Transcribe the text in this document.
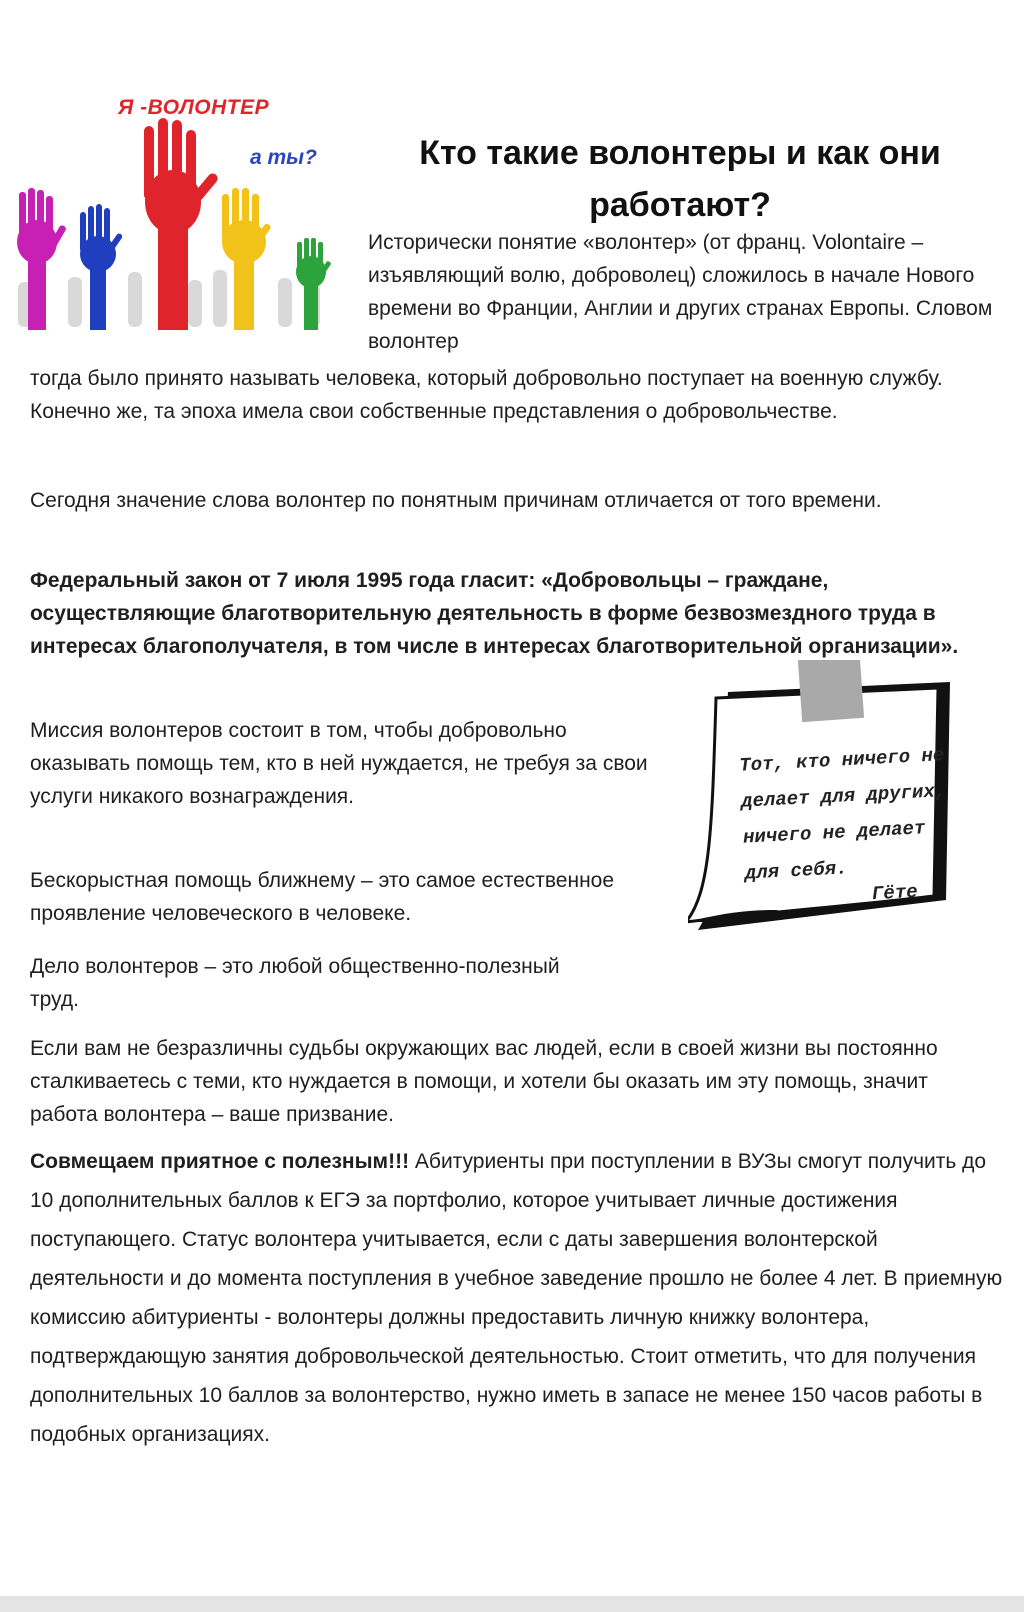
Я -ВОЛОНТЕР
а ты?	Кто такие волонтеры и как они работают?

Исторически понятие «волонтер» (от франц. Volontaire – изъявляющий волю, доброволец) сложилось в начале Нового времени во Франции, Англии и других странах Европы. Словом волонтер

тогда было принято называть человека, который добровольно поступает на военную службу. Конечно же, та эпоха имела свои собственные представления о добровольчестве.

Сегодня значение слова волонтер по понятным причинам отличается от того времени.

Федеральный закон от 7 июля 1995 года гласит: «Добровольцы – граждане, осуществляющие благотворительную деятельность в форме безвозмездного труда в интересах благополучателя, в том числе в интересах благотворительной организации».

Миссия волонтеров состоит в том, чтобы добровольно оказывать помощь тем, кто в ней нуждается, не требуя за свои услуги никакого вознаграждения.

Бескорыстная помощь ближнему – это самое естественное проявление человеческого в человеке.

Дело волонтеров – это любой общественно-полезный труд.

Если вам не безразличны судьбы окружающих вас людей, если в своей жизни вы постоянно сталкиваетесь с теми, кто нуждается в помощи, и хотели бы оказать им эту помощь, значит работа волонтера – ваше призвание.

Совмещаем приятное с полезным!!! Абитуриенты при поступлении в ВУЗы смогут получить до 10 дополнительных баллов к ЕГЭ за портфолио, которое учитывает личные достижения поступающего. Статус волонтера учитывается, если с даты завершения волонтерской деятельности и до момента поступления в учебное заведение прошло не более 4 лет. В приемную комиссию абитуриенты - волонтеры должны предоставить личную книжку волонтера, подтверждающую занятия добровольческой деятельностью. Стоит отметить, что для получения дополнительных 10 баллов за волонтерство, нужно иметь в запасе не менее 150 часов работы в подобных организациях.

Тот, кто ничего не делает для других, ничего не делает для себя.
Гёте
